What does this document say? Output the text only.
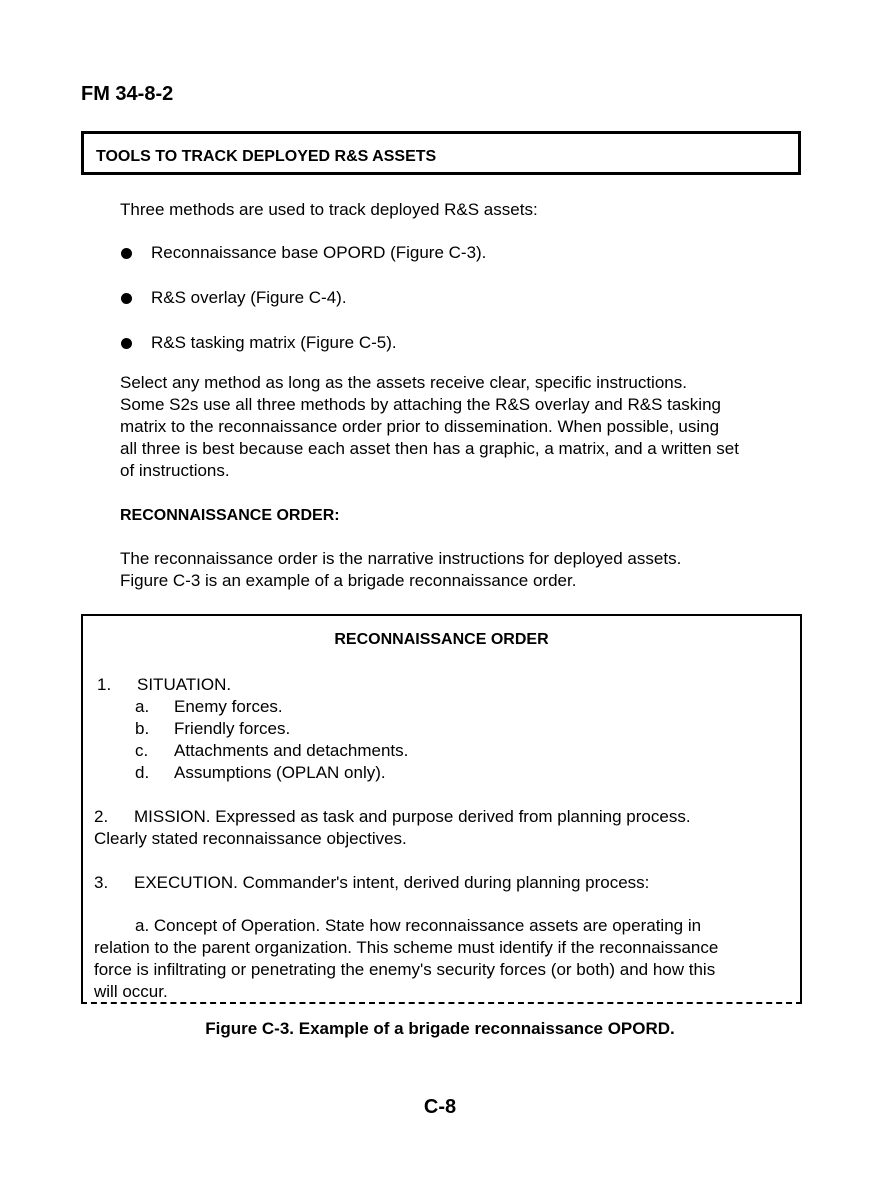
FM 34-8-2
TOOLS TO TRACK DEPLOYED R&S ASSETS
Three methods are used to track deployed R&S assets:
Reconnaissance base OPORD (Figure C-3).
R&S overlay (Figure C-4).
R&S tasking matrix (Figure C-5).
Select any method as long as the assets receive clear, specific instructions.
Some S2s use all three methods by attaching the R&S overlay and R&S tasking
matrix to the reconnaissance order prior to dissemination. When possible, using
all three is best because each asset then has a graphic, a matrix, and a written set
of instructions.
RECONNAISSANCE ORDER:
The reconnaissance order is the narrative instructions for deployed assets.
Figure C-3 is an example of a brigade reconnaissance order.
RECONNAISSANCE ORDER
1. SITUATION.
a. Enemy forces.
b. Friendly forces.
c. Attachments and detachments.
d. Assumptions (OPLAN only).
2. MISSION. Expressed as task and purpose derived from planning process.
Clearly stated reconnaissance objectives.
3. EXECUTION. Commander's intent, derived during planning process:
a. Concept of Operation. State how reconnaissance assets are operating in
relation to the parent organization. This scheme must identify if the reconnaissance
force is infiltrating or penetrating the enemy's security forces (or both) and how this
will occur.
Figure C-3. Example of a brigade reconnaissance OPORD.
C-8
